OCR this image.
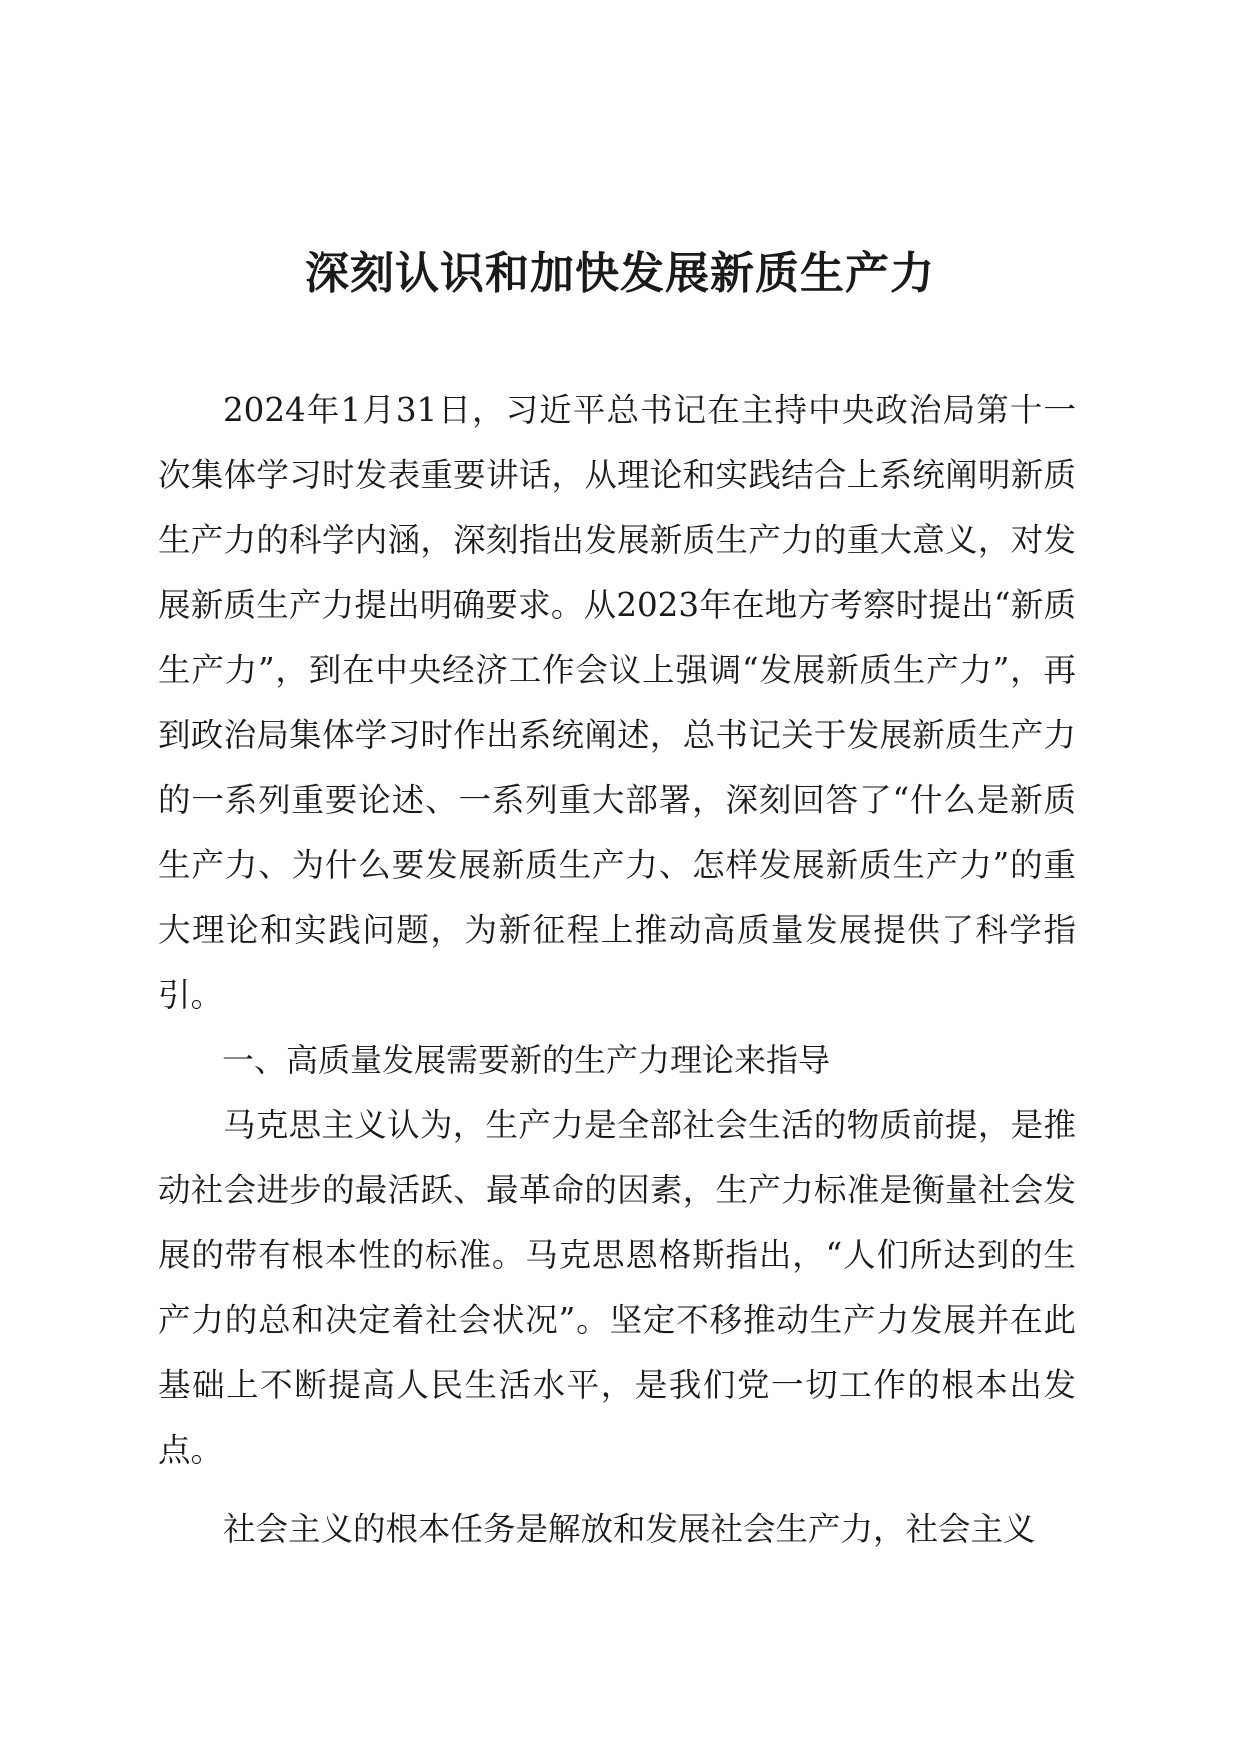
深刻认识和加快发展新质生产力

2024年1月31日，习近平总书记在主持中央政治局第十一次集体学习时发表重要讲话，从理论和实践结合上系统阐明新质生产力的科学内涵，深刻指出发展新质生产力的重大意义，对发展新质生产力提出明确要求。从2023年在地方考察时提出“新质生产力”，到在中央经济工作会议上强调“发展新质生产力”，再到政治局集体学习时作出系统阐述，总书记关于发展新质生产力的一系列重要论述、一系列重大部署，深刻回答了“什么是新质生产力、为什么要发展新质生产力、怎样发展新质生产力”的重大理论和实践问题，为新征程上推动高质量发展提供了科学指引。

一、高质量发展需要新的生产力理论来指导

马克思主义认为，生产力是全部社会生活的物质前提，是推动社会进步的最活跃、最革命的因素，生产力标准是衡量社会发展的带有根本性的标准。马克思恩格斯指出，“人们所达到的生产力的总和决定着社会状况”。坚定不移推动生产力发展并在此基础上不断提高人民生活水平，是我们党一切工作的根本出发点。

社会主义的根本任务是解放和发展社会生产力，社会主义
